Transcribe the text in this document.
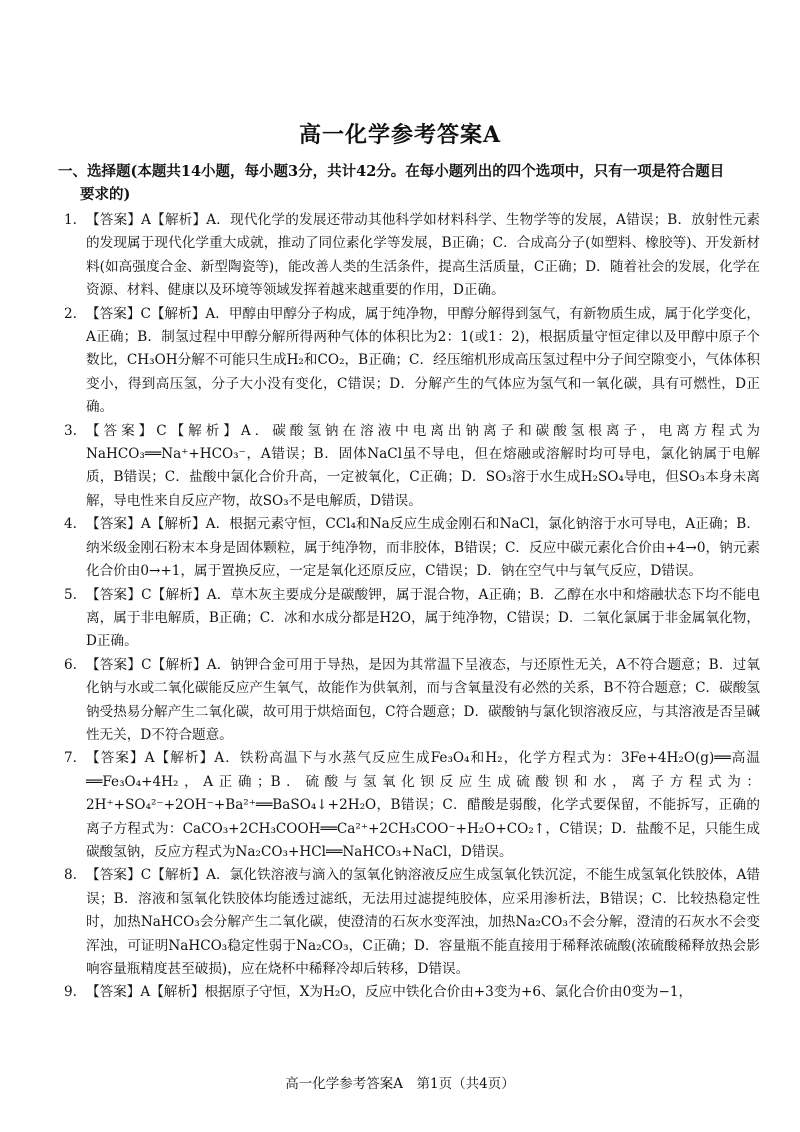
高一化学参考答案A
一、选择题(本题共14小题，每小题3分，共计42分。在每小题列出的四个选项中，只有一项是符合题目
要求的)
1. 【答案】A【解析】A．现代化学的发展还带动其他科学如材料科学、生物学等的发展，A错误；B．放射性元素的发现属于现代化学重大成就，推动了同位素化学等发展，B正确；C．合成高分子(如塑料、橡胶等)、开发新材料(如高强度合金、新型陶瓷等)，能改善人类的生活条件，提高生活质量，C正确；D．随着社会的发展，化学在资源、材料、健康以及环境等领域发挥着越来越重要的作用，D正确。
2. 【答案】C【解析】A．甲醇由甲醇分子构成，属于纯净物，甲醇分解得到氢气，有新物质生成，属于化学变化，A正确；B．制氢过程中甲醇分解所得两种气体的体积比为2：1(或1：2)，根据质量守恒定律以及甲醇中原子个数比，CH₃OH分解不可能只生成H₂和CO₂，B正确；C．经压缩机形成高压氢过程中分子间空隙变小，气体体积变小，得到高压氢，分子大小没有变化，C错误；D．分解产生的气体应为氢气和一氧化碳，具有可燃性，D正确。
3. 【答案】C【解析】A．碳酸氢钠在溶液中电离出钠离子和碳酸氢根离子，电离方程式为NaHCO₃══Na⁺+HCO₃⁻，A错误；B．固体NaCl虽不导电，但在熔融或溶解时均可导电，氯化钠属于电解质，B错误；C．盐酸中氯化合价升高，一定被氧化，C正确；D．SO₃溶于水生成H₂SO₄导电，但SO₃本身未离解，导电性来自反应产物，故SO₃不是电解质，D错误。
4. 【答案】A【解析】A．根据元素守恒，CCl₄和Na反应生成金刚石和NaCl，氯化钠溶于水可导电，A正确；B．纳米级金刚石粉末本身是固体颗粒，属于纯净物，而非胶体，B错误；C．反应中碳元素化合价由+4→0，钠元素化合价由0→+1，属于置换反应，一定是氧化还原反应，C错误；D．钠在空气中与氧气反应，D错误。
5. 【答案】C【解析】A．草木灰主要成分是碳酸钾，属于混合物，A正确；B．乙醇在水中和熔融状态下均不能电离，属于非电解质，B正确；C．冰和水成分都是H2O，属于纯净物，C错误；D．二氧化氯属于非金属氧化物，D正确。
6. 【答案】C【解析】A．钠钾合金可用于导热，是因为其常温下呈液态，与还原性无关，A不符合题意；B．过氧化钠与水或二氧化碳能反应产生氧气，故能作为供氧剂，而与含氧量没有必然的关系，B不符合题意；C．碳酸氢钠受热易分解产生二氧化碳，故可用于烘焙面包，C符合题意；D．碳酸钠与氯化钡溶液反应，与其溶液是否呈碱性无关，D不符合题意。
7. 【答案】A【解析】A．铁粉高温下与水蒸气反应生成Fe₃O₄和H₂，化学方程式为：3Fe+4H₂O(g)══高温══Fe₃O₄+4H₂，A正确；B．硫酸与氢氧化钡反应生成硫酸钡和水，离子方程式为：2H⁺+SO₄²⁻+2OH⁻+Ba²⁺══BaSO₄↓+2H₂O，B错误；C．醋酸是弱酸，化学式要保留，不能拆写，正确的离子方程式为：CaCO₃+2CH₃COOH══Ca²⁺+2CH₃COO⁻+H₂O+CO₂↑，C错误；D．盐酸不足，只能生成碳酸氢钠，反应方程式为Na₂CO₃+HCl══NaHCO₃+NaCl，D错误。
8. 【答案】C【解析】A．氯化铁溶液与滴入的氢氧化钠溶液反应生成氢氧化铁沉淀，不能生成氢氧化铁胶体，A错误；B．溶液和氢氧化铁胶体均能透过滤纸，无法用过滤提纯胶体，应采用渗析法，B错误；C．比较热稳定性时，加热NaHCO₃会分解产生二氧化碳，使澄清的石灰水变浑浊，加热Na₂CO₃不会分解，澄清的石灰水不会变浑浊，可证明NaHCO₃稳定性弱于Na₂CO₃，C正确；D．容量瓶不能直接用于稀释浓硫酸(浓硫酸稀释放热会影响容量瓶精度甚至破损)，应在烧杯中稀释冷却后转移，D错误。
9. 【答案】A【解析】根据原子守恒，X为H₂O，反应中铁化合价由+3变为+6、氯化合价由0变为−1，
高一化学参考答案A　第1页（共4页）
